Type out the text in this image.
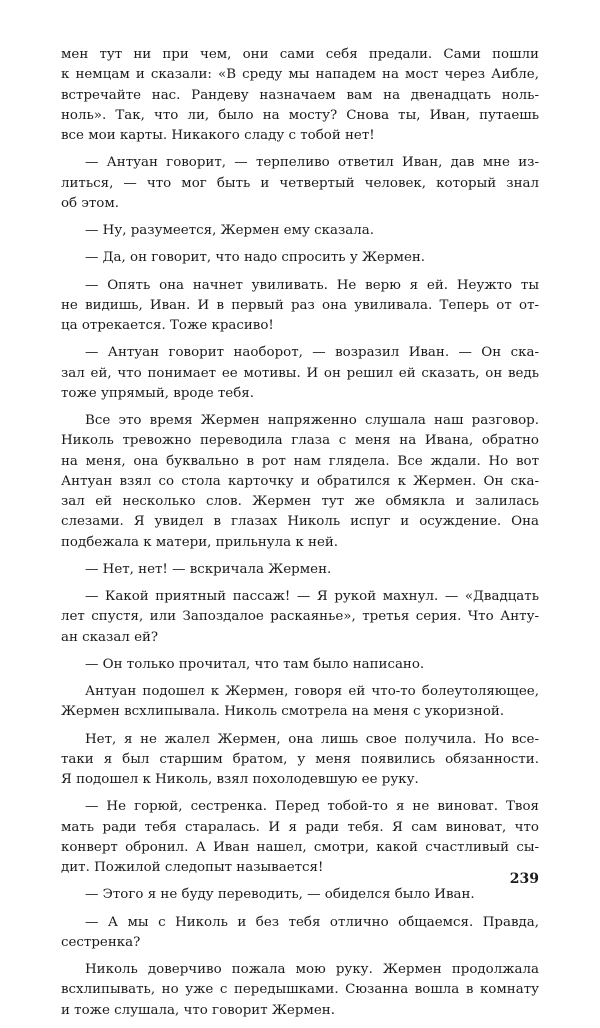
мен тут ни при чем, они сами себя предали. Сами пошли
к немцам и сказали: «В среду мы нападем на мост через Аибле,
встречайте нас. Рандеву назначаем вам на двенадцать ноль-
ноль». Так, что ли, было на мосту? Снова ты, Иван, путаешь
все мои карты. Никакого сладу с тобой нет!
— Антуан говорит, — терпеливо ответил Иван, дав мне из-
литься, — что мог быть и четвертый человек, который знал
об этом.
— Ну, разумеется, Жермен ему сказала.
— Да, он говорит, что надо спросить у Жермен.
— Опять она начнет увиливать. Не верю я ей. Неужто ты
не видишь, Иван. И в первый раз она увиливала. Теперь от от-
ца отрекается. Тоже красиво!
— Антуан говорит наоборот, — возразил Иван. — Он ска-
зал ей, что понимает ее мотивы. И он решил ей сказать, он ведь
тоже упрямый, вроде тебя.
Все это время Жермен напряженно слушала наш разговор.
Николь тревожно переводила глаза с меня на Ивана, обратно
на меня, она буквально в рот нам глядела. Все ждали. Но вот
Антуан взял со стола карточку и обратился к Жермен. Он ска-
зал ей несколько слов. Жермен тут же обмякла и залилась
слезами. Я увидел в глазах Николь испуг и осуждение. Она
подбежала к матери, прильнула к ней.
— Нет, нет! — вскричала Жермен.
— Какой приятный пассаж! — Я рукой махнул. — «Двадцать
лет спустя, или Запоздалое раскаянье», третья серия. Что Анту-
ан сказал ей?
— Он только прочитал, что там было написано.
Антуан подошел к Жермен, говоря ей что-то болеутоляющее,
Жермен всхлипывала. Николь смотрела на меня с укоризной.
Нет, я не жалел Жермен, она лишь свое получила. Но все-
таки я был старшим братом, у меня появились обязанности.
Я подошел к Николь, взял похолодевшую ее руку.
— Не горюй, сестренка. Перед тобой-то я не виноват. Твоя
мать ради тебя старалась. И я ради тебя. Я сам виноват, что
конверт обронил. А Иван нашел, смотри, какой счастливый сы-
дит. Пожилой следопыт называется!
— Этого я не буду переводить, — обиделся было Иван.
— А мы с Николь и без тебя отлично общаемся. Правда,
сестренка?
Николь доверчиво пожала мою руку. Жермен продолжала
всхлипывать, но уже с передышками. Сюзанна вошла в комнату
и тоже слушала, что говорит Жермен.
239
